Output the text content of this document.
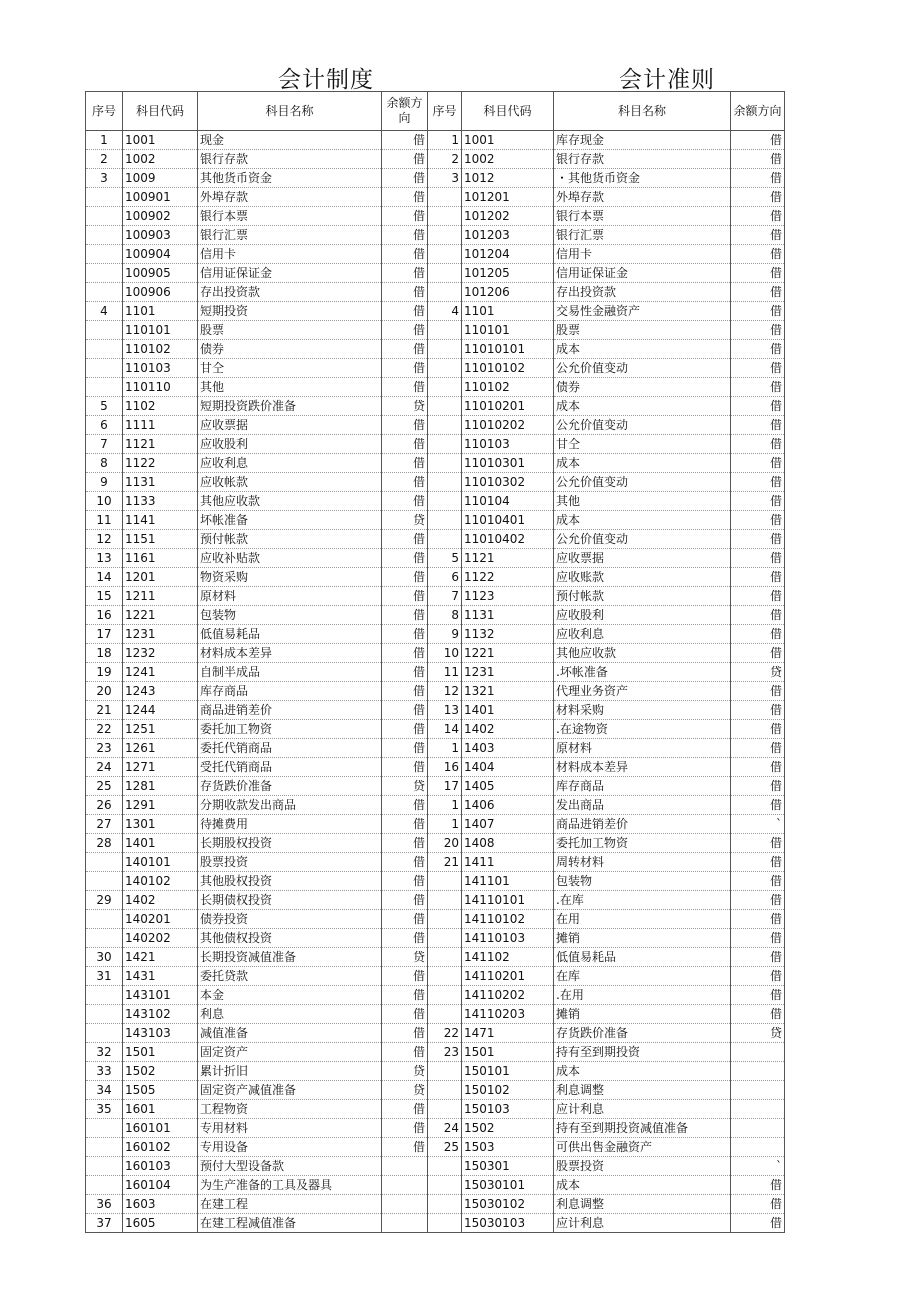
会计制度	会计准则
序号	科目代码	科目名称	余额方向	序号	科目代码	科目名称	余额方向
1	1001	现金	借	1	1001	库存现金	借
2	1002	银行存款	借	2	1002	银行存款	借
3	1009	其他货币资金	借	3	1012	・其他货币资金	借
	100901	外埠存款	借		101201	外埠存款	借
	100902	银行本票	借		101202	银行本票	借
	100903	银行汇票	借		101203	银行汇票	借
	100904	信用卡	借		101204	信用卡	借
	100905	信用证保证金	借		101205	信用证保证金	借
	100906	存出投资款	借		101206	存出投资款	借
4	1101	短期投资	借	4	1101	交易性金融资产	借
	110101	股票	借		110101	股票	借
	110102	债券	借		11010101	成本	借
	110103	甘仝	借		11010102	公允价值变动	借
	110110	其他	借		110102	债券	借
5	1102	短期投资跌价准备	贷		11010201	成本	借
6	1111	应收票据	借		11010202	公允价值变动	借
7	1121	应收股利	借		110103	甘仝	借
8	1122	应收利息	借		11010301	成本	借
9	1131	应收帐款	借		11010302	公允价值变动	借
10	1133	其他应收款	借		110104	其他	借
11	1141	坏帐准备	贷		11010401	成本	借
12	1151	预付帐款	借		11010402	公允价值变动	借
13	1161	应收补贴款	借	5	1121	应收票据	借
14	1201	物资采购	借	6	1122	应收账款	借
15	1211	原材料	借	7	1123	预付帐款	借
16	1221	包装物	借	8	1131	应收股利	借
17	1231	低值易耗品	借	9	1132	应收利息	借
18	1232	材料成本差异	借	10	1221	其他应收款	借
19	1241	自制半成品	借	11	1231	.坏帐准备	贷
20	1243	库存商品	借	12	1321	代理业务资产	借
21	1244	商品进销差价	借	13	1401	材料采购	借
22	1251	委托加工物资	借	14	1402	.在途物资	借
23	1261	委托代销商品	借	1	1403	原材料	借
24	1271	受托代销商品	借	16	1404	材料成本差异	借
25	1281	存货跌价准备	贷	17	1405	库存商品	借
26	1291	分期收款发出商品	借	1	1406	发出商品	借
27	1301	待摊费用	借	1	1407	商品进销差价	`
28	1401	长期股权投资	借	20	1408	委托加工物资	借
	140101	股票投资	借	21	1411	周转材料	借
	140102	其他股权投资	借		141101	包装物	借
29	1402	长期债权投资	借		14110101	.在库	借
	140201	债券投资	借		14110102	在用	借
	140202	其他债权投资	借		14110103	摊销	借
30	1421	长期投资减值准备	贷		141102	低值易耗品	借
31	1431	委托贷款	借		14110201	在库	借
	143101	本金	借		14110202	.在用	借
	143102	利息	借		14110203	摊销	借
	143103	减值准备	借	22	1471	存货跌价准备	贷
32	1501	固定资产	借	23	1501	持有至到期投资	
33	1502	累计折旧	贷		150101	成本	
34	1505	固定资产减值准备	贷		150102	利息调整	
35	1601	工程物资	借		150103	应计利息	
	160101	专用材料	借	24	1502	持有至到期投资减值准备	
	160102	专用设备	借	25	1503	可供出售金融资产	
	160103	预付大型设备款			150301	股票投资	`
	160104	为生产准备的工具及器具			15030101	成本	借
36	1603	在建工程			15030102	利息调整	借
37	1605	在建工程减值准备			15030103	应计利息	借
